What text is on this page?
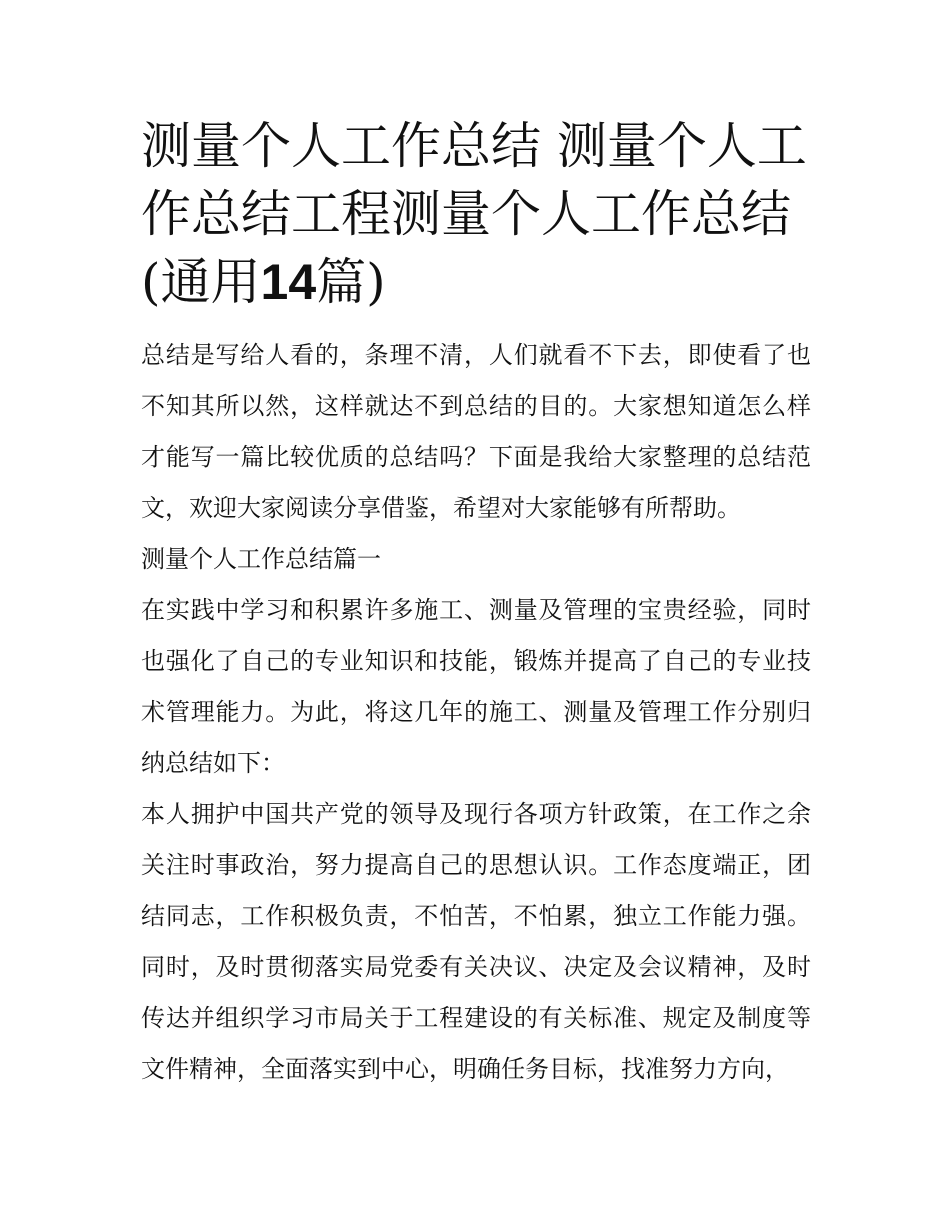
测量个人工作总结 测量个人工作总结工程测量个人工作总结(通用14篇)

总结是写给人看的，条理不清，人们就看不下去，即使看了也不知其所以然，这样就达不到总结的目的。大家想知道怎么样才能写一篇比较优质的总结吗？下面是我给大家整理的总结范文，欢迎大家阅读分享借鉴，希望对大家能够有所帮助。

测量个人工作总结篇一

在实践中学习和积累许多施工、测量及管理的宝贵经验，同时也强化了自己的专业知识和技能，锻炼并提高了自己的专业技术管理能力。为此，将这几年的施工、测量及管理工作分别归纳总结如下：

本人拥护中国共产党的领导及现行各项方针政策，在工作之余关注时事政治，努力提高自己的思想认识。工作态度端正，团结同志，工作积极负责，不怕苦，不怕累，独立工作能力强。同时，及时贯彻落实局党委有关决议、决定及会议精神，及时传达并组织学习市局关于工程建设的有关标准、规定及制度等文件精神，全面落实到中心，明确任务目标，找准努力方向，
